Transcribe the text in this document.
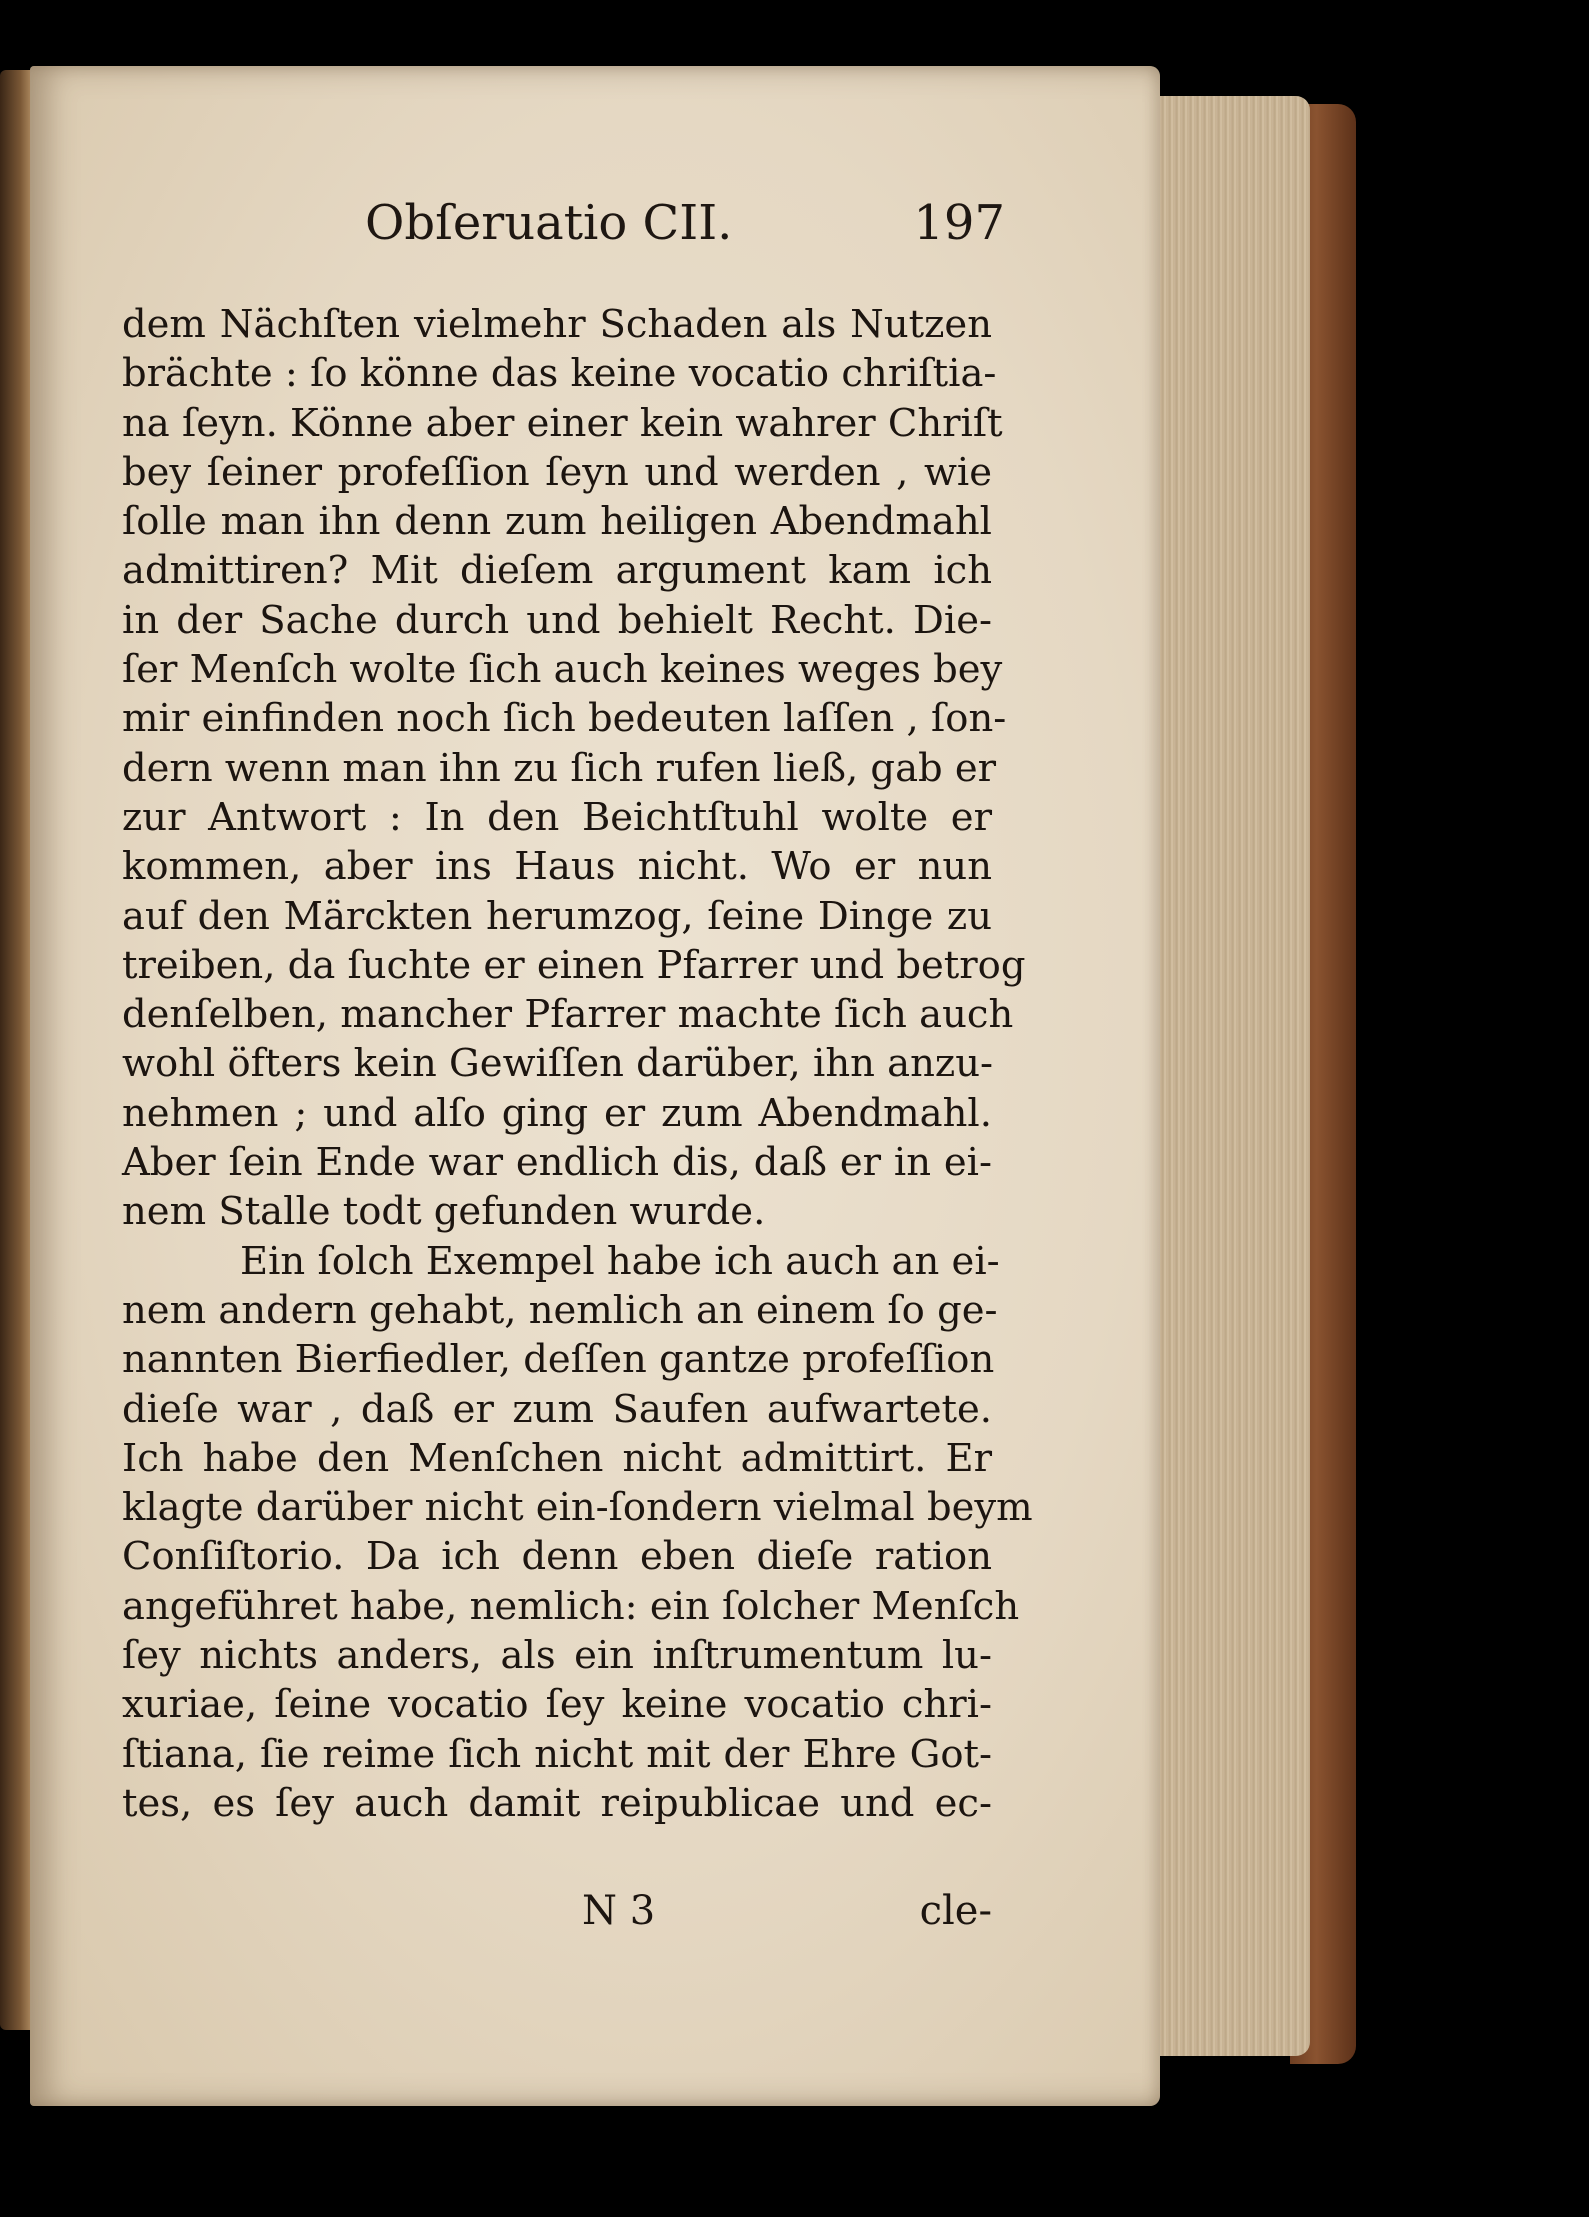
Obſeruatio CII.	197
dem Nächſten vielmehr Schaden als Nutzen
brächte : ſo könne das keine vocatio chriſtia-
na ſeyn. Könne aber einer kein wahrer Chriſt
bey ſeiner profeſſion ſeyn und werden , wie
ſolle man ihn denn zum heiligen Abendmahl
admittiren? Mit dieſem argument kam ich
in der Sache durch und behielt Recht. Die-
ſer Menſch wolte ſich auch keines weges bey
mir einfinden noch ſich bedeuten laſſen , ſon-
dern wenn man ihn zu ſich rufen ließ, gab er
zur Antwort : In den Beichtſtuhl wolte er
kommen, aber ins Haus nicht. Wo er nun
auf den Märckten herumzog, ſeine Dinge zu
treiben, da ſuchte er einen Pfarrer und betrog
denſelben, mancher Pfarrer machte ſich auch
wohl öfters kein Gewiſſen darüber, ihn anzu-
nehmen ; und alſo ging er zum Abendmahl.
Aber ſein Ende war endlich dis, daß er in ei-
nem Stalle todt gefunden wurde.
Ein ſolch Exempel habe ich auch an ei-
nem andern gehabt, nemlich an einem ſo ge-
nannten Bierfiedler, deſſen gantze profeſſion
dieſe war , daß er zum Saufen aufwartete.
Ich habe den Menſchen nicht admittirt. Er
klagte darüber nicht ein-ſondern vielmal beym
Conſiſtorio. Da ich denn eben dieſe ration
angeführet habe, nemlich: ein ſolcher Menſch
ſey nichts anders, als ein inſtrumentum lu-
xuriae, ſeine vocatio ſey keine vocatio chri-
ſtiana, ſie reime ſich nicht mit der Ehre Got-
tes, es ſey auch damit reipublicae und ec-
N 3	cle-
